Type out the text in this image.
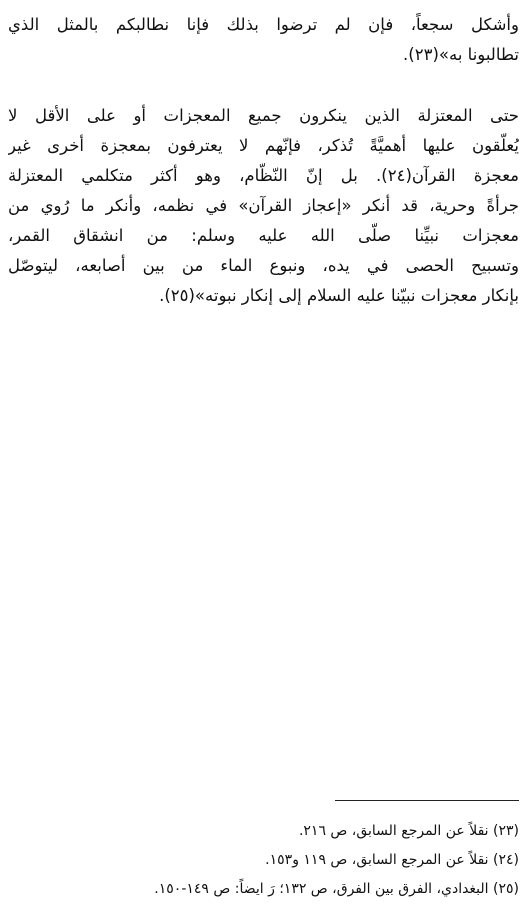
وأشكل سجعاً، فإن لم ترضوا بذلك فإنا نطالبكم بالمثل الذي
تطالبونا به»(٢٣).
حتى المعتزلة الذين ينكرون جميع المعجزات أو على الأقل لا
يُعلّقون عليها أهميَّةً تُذكر، فإنّهم لا يعترفون بمعجزة أخرى غير
معجزة القرآن(٢٤). بل إنّ النّظّام، وهو أكثر متكلمي المعتزلة
جرأةً وحرية، قد أنكر «إعجاز القرآن» في نظمه، وأنكر ما رُوي من
معجزات نبيِّنا صلّى الله عليه وسلم: من انشقاق القمر،
وتسبيح الحصى في يده، ونبوع الماء من بين أصابعه، ليتوصّل
بإنكار معجزات نبيّنا عليه السلام إلى إنكار نبوته»(٢٥).
(٢٣) نقلاً عن المرجع السابق، ص ٢١٦.
(٢٤) نقلاً عن المرجع السابق، ص ١١٩ و١٥٣.
(٢٥) البغدادي، الفرق بين الفرق، ص ١٣٢؛ رَ ايضاً: ص ١٤٩-١٥٠.
